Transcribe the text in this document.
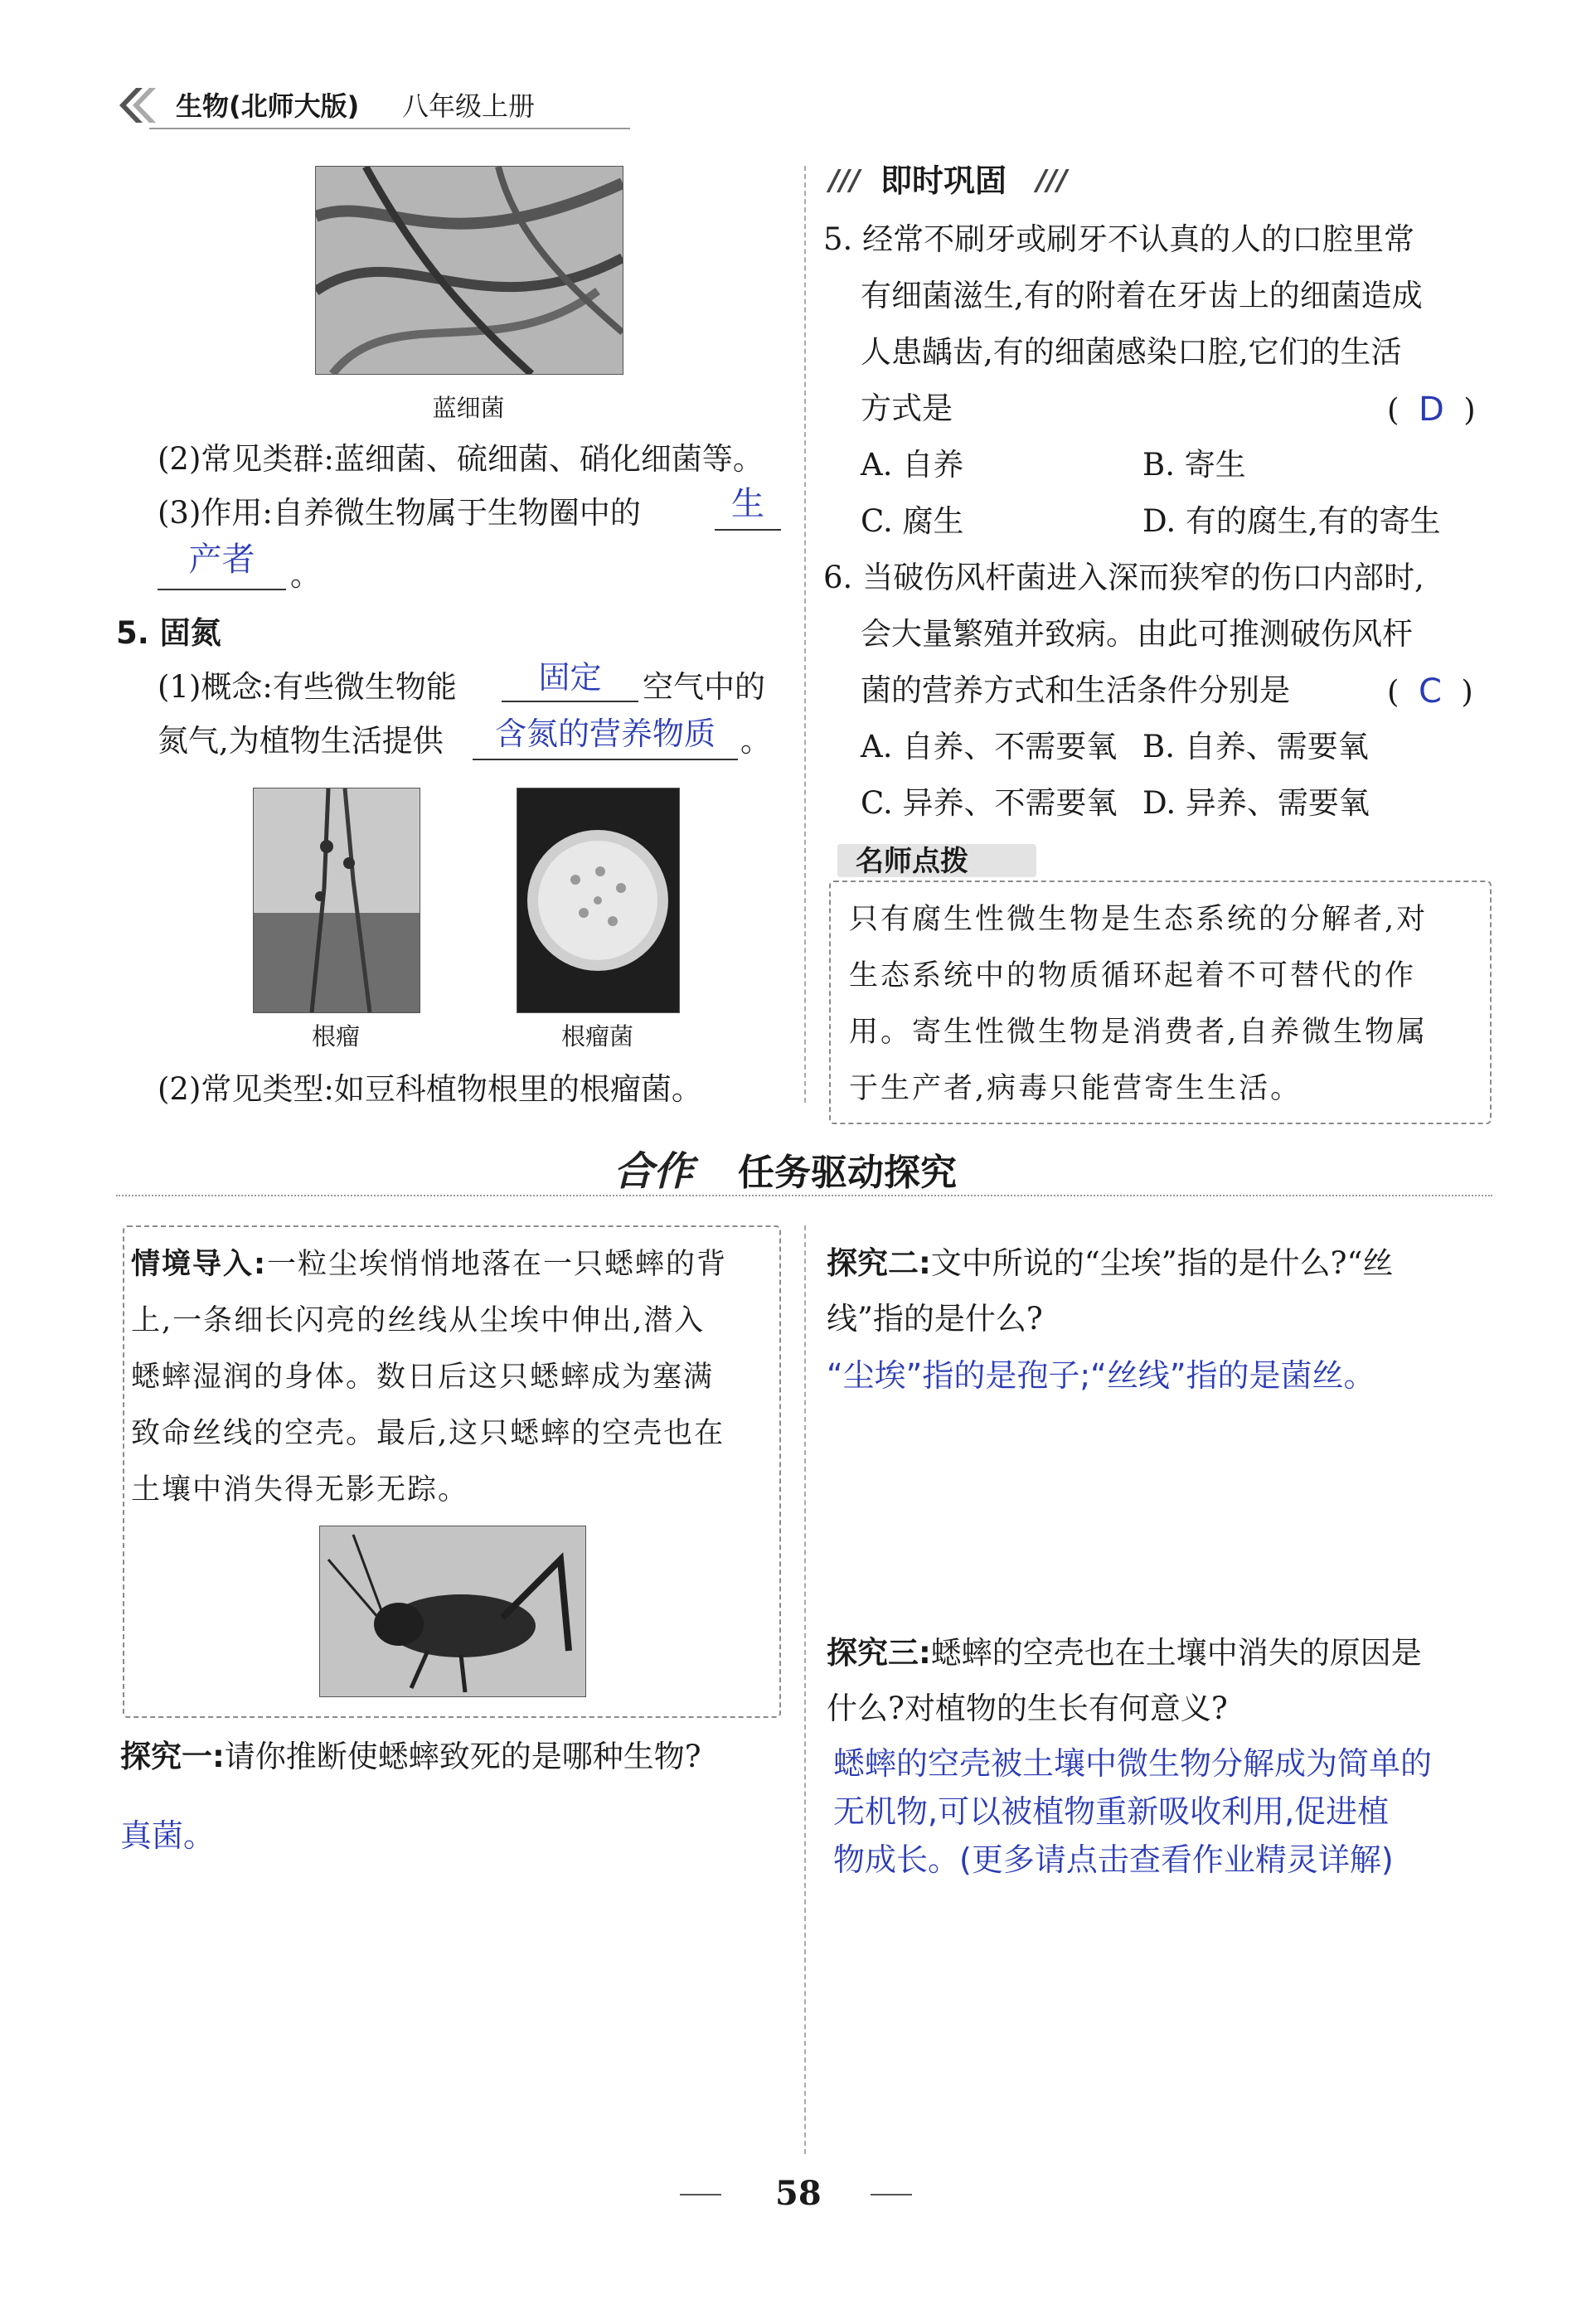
生物(北师大版) 八年级上册
蓝细菌
(2)常见类群:蓝细菌、硫细菌、硝化细菌等。
(3)作用:自养微生物属于生物圈中的	生
产者	。
5. 固氮
(1)概念:有些微生物能	固定	空气中的
氮气,为植物生活提供	含氮的营养物质 。
根瘤	根瘤菌
(2)常见类型:如豆科植物根里的根瘤菌。
/// 即时巩固 ///
5. 经常不刷牙或刷牙不认真的人的口腔里常
有细菌滋生,有的附着在牙齿上的细菌造成
人患龋齿,有的细菌感染口腔,它们的生活
方式是	(  D  )
A. 自养	B. 寄生
C. 腐生	D. 有的腐生,有的寄生
6. 当破伤风杆菌进入深而狭窄的伤口内部时,
会大量繁殖并致病。由此可推测破伤风杆
菌的营养方式和生活条件分别是	(  C  )
A. 自养、不需要氧 B. 自养、需要氧
C. 异养、不需要氧 D. 异养、需要氧
名师点拨
只有腐生性微生物是生态系统的分解者,对
生态系统中的物质循环起着不可替代的作
用。寄生性微生物是消费者,自养微生物属
于生产者,病毒只能营寄生生活。
合作 任务驱动探究
情境导入:一粒尘埃悄悄地落在一只蟋蟀的背
上,一条细长闪亮的丝线从尘埃中伸出,潜入
蟋蟀湿润的身体。数日后这只蟋蟀成为塞满
致命丝线的空壳。最后,这只蟋蟀的空壳也在
土壤中消失得无影无踪。
探究一:请你推断使蟋蟀致死的是哪种生物?
真菌。
探究二:文中所说的“尘埃”指的是什么?“丝
线”指的是什么?
“尘埃”指的是孢子;“丝线”指的是菌丝。
探究三:蟋蟀的空壳也在土壤中消失的原因是
什么?对植物的生长有何意义?
蟋蟀的空壳被土壤中微生物分解成为简单的
无机物,可以被植物重新吸收利用,促进植
物成长。(更多请点击查看作业精灵详解)
58
